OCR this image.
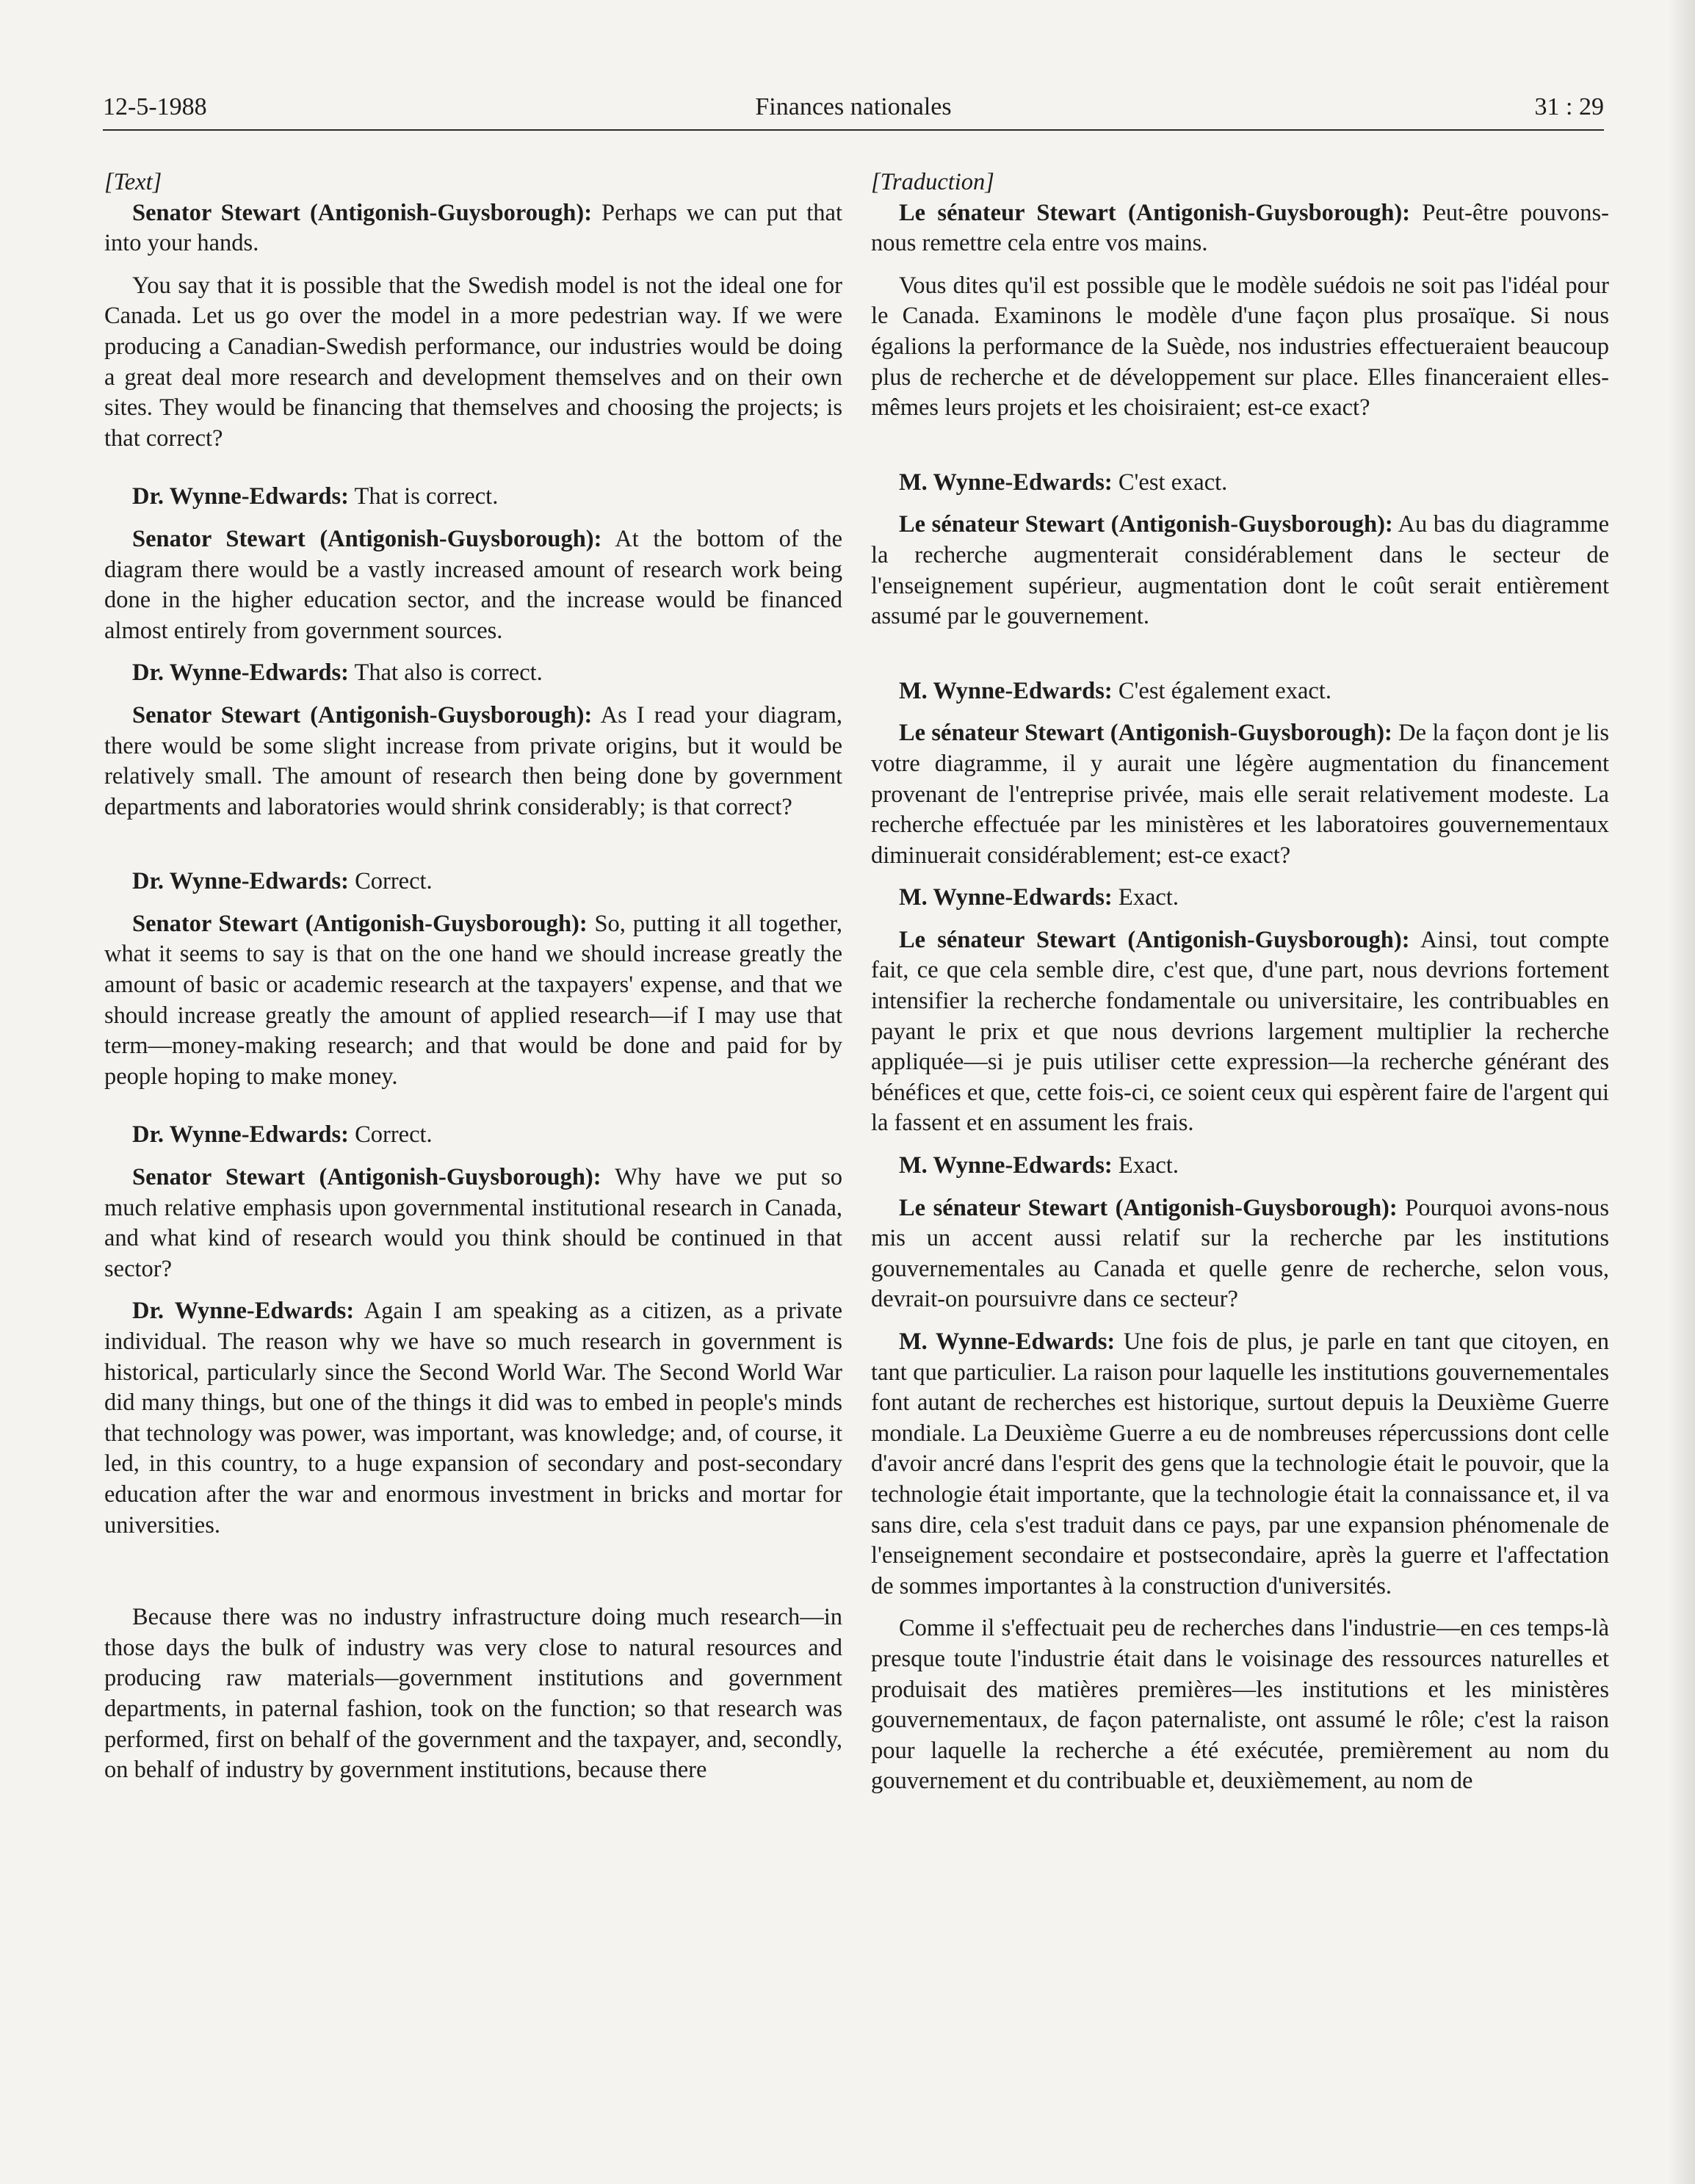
12-5-1988	Finances nationales	31 : 29

[Text]

Senator Stewart (Antigonish-Guysborough): Perhaps we can put that into your hands.

You say that it is possible that the Swedish model is not the ideal one for Canada. Let us go over the model in a more pedestrian way. If we were producing a Canadian-Swedish performance, our industries would be doing a great deal more research and development themselves and on their own sites. They would be financing that themselves and choosing the projects; is that correct?

Dr. Wynne-Edwards: That is correct.

Senator Stewart (Antigonish-Guysborough): At the bottom of the diagram there would be a vastly increased amount of research work being done in the higher education sector, and the increase would be financed almost entirely from government sources.

Dr. Wynne-Edwards: That also is correct.

Senator Stewart (Antigonish-Guysborough): As I read your diagram, there would be some slight increase from private origins, but it would be relatively small. The amount of research then being done by government departments and laboratories would shrink considerably; is that correct?

Dr. Wynne-Edwards: Correct.

Senator Stewart (Antigonish-Guysborough): So, putting it all together, what it seems to say is that on the one hand we should increase greatly the amount of basic or academic research at the taxpayers' expense, and that we should increase greatly the amount of applied research—if I may use that term—money-making research; and that would be done and paid for by people hoping to make money.

Dr. Wynne-Edwards: Correct.

Senator Stewart (Antigonish-Guysborough): Why have we put so much relative emphasis upon governmental institutional research in Canada, and what kind of research would you think should be continued in that sector?

Dr. Wynne-Edwards: Again I am speaking as a citizen, as a private individual. The reason why we have so much research in government is historical, particularly since the Second World War. The Second World War did many things, but one of the things it did was to embed in people's minds that technology was power, was important, was knowledge; and, of course, it led, in this country, to a huge expansion of secondary and post-secondary education after the war and enormous investment in bricks and mortar for universities.

Because there was no industry infrastructure doing much research—in those days the bulk of industry was very close to natural resources and producing raw materials—government institutions and government departments, in paternal fashion, took on the function; so that research was performed, first on behalf of the government and the taxpayer, and, secondly, on behalf of industry by government institutions, because there

[Traduction]

Le sénateur Stewart (Antigonish-Guysborough): Peut-être pouvons-nous remettre cela entre vos mains.

Vous dites qu'il est possible que le modèle suédois ne soit pas l'idéal pour le Canada. Examinons le modèle d'une façon plus prosaïque. Si nous égalions la performance de la Suède, nos industries effectueraient beaucoup plus de recherche et de développement sur place. Elles financeraient elles-mêmes leurs projets et les choisiraient; est-ce exact?

M. Wynne-Edwards: C'est exact.

Le sénateur Stewart (Antigonish-Guysborough): Au bas du diagramme la recherche augmenterait considérablement dans le secteur de l'enseignement supérieur, augmentation dont le coût serait entièrement assumé par le gouvernement.

M. Wynne-Edwards: C'est également exact.

Le sénateur Stewart (Antigonish-Guysborough): De la façon dont je lis votre diagramme, il y aurait une légère augmentation du financement provenant de l'entreprise privée, mais elle serait relativement modeste. La recherche effectuée par les ministères et les laboratoires gouvernementaux diminuerait considérablement; est-ce exact?

M. Wynne-Edwards: Exact.

Le sénateur Stewart (Antigonish-Guysborough): Ainsi, tout compte fait, ce que cela semble dire, c'est que, d'une part, nous devrions fortement intensifier la recherche fondamentale ou universitaire, les contribuables en payant le prix et que nous devrions largement multiplier la recherche appliquée—si je puis utiliser cette expression—la recherche générant des bénéfices et que, cette fois-ci, ce soient ceux qui espèrent faire de l'argent qui la fassent et en assument les frais.

M. Wynne-Edwards: Exact.

Le sénateur Stewart (Antigonish-Guysborough): Pourquoi avons-nous mis un accent aussi relatif sur la recherche par les institutions gouvernementales au Canada et quelle genre de recherche, selon vous, devrait-on poursuivre dans ce secteur?

M. Wynne-Edwards: Une fois de plus, je parle en tant que citoyen, en tant que particulier. La raison pour laquelle les institutions gouvernementales font autant de recherches est historique, surtout depuis la Deuxième Guerre mondiale. La Deuxième Guerre a eu de nombreuses répercussions dont celle d'avoir ancré dans l'esprit des gens que la technologie était le pouvoir, que la technologie était importante, que la technologie était la connaissance et, il va sans dire, cela s'est traduit dans ce pays, par une expansion phénomenale de l'enseignement secondaire et postsecondaire, après la guerre et l'affectation de sommes importantes à la construction d'universités.

Comme il s'effectuait peu de recherches dans l'industrie—en ces temps-là presque toute l'industrie était dans le voisinage des ressources naturelles et produisait des matières premières—les institutions et les ministères gouvernementaux, de façon paternaliste, ont assumé le rôle; c'est la raison pour laquelle la recherche a été exécutée, premièrement au nom du gouvernement et du contribuable et, deuxièmement, au nom de
